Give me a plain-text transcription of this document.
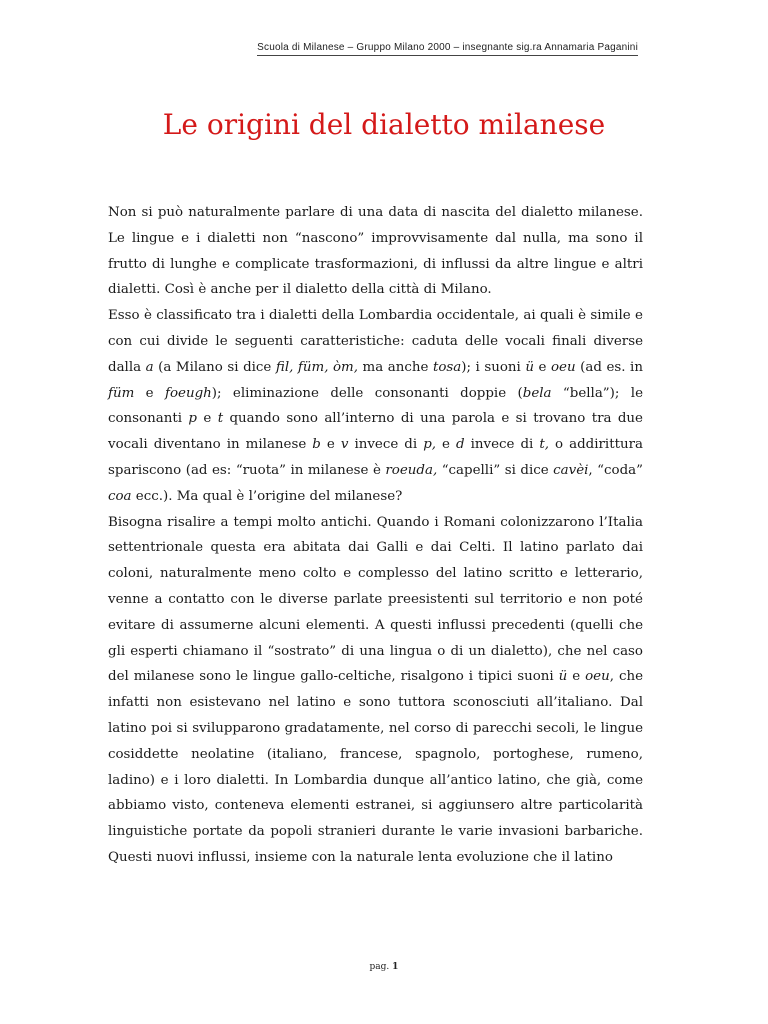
Scuola di Milanese – Gruppo Milano 2000 – insegnante sig.ra Annamaria Paganini
Le origini del dialetto milanese

Non si può naturalmente parlare di una data di nascita del dialetto milanese. Le lingue e i dialetti non “nascono” improvvisamente dal nulla, ma sono il frutto di lunghe e complicate trasformazioni, di influssi da altre lingue e altri dialetti. Così è anche per il dialetto della città di Milano.

Esso è classificato tra i dialetti della Lombardia occidentale, ai quali è simile e con cui divide le seguenti caratteristiche: caduta delle vocali finali diverse dalla a (a Milano si dice fil, füm, òm, ma anche tosa); i suoni ü e oeu (ad es. in füm e foeugh); eliminazione delle consonanti doppie (bela “bella”); le consonanti p e t quando sono all’interno di una parola e si trovano tra due vocali diventano in milanese b e v invece di p, e d invece di t, o addirittura spariscono (ad es: “ruota” in milanese è roeuda, “capelli” si dice cavèi, “coda” coa ecc.). Ma qual è l’origine del milanese?

Bisogna risalire a tempi molto antichi. Quando i Romani colonizzarono l’Italia settentrionale questa era abitata dai Galli e dai Celti. Il latino parlato dai coloni, naturalmente meno colto e complesso del latino scritto e letterario, venne a contatto con le diverse parlate preesistenti sul territorio e non poté evitare di assumerne alcuni elementi. A questi influssi precedenti (quelli che gli esperti chiamano il “sostrato” di una lingua o di un dialetto), che nel caso del milanese sono le lingue gallo-celtiche, risalgono i tipici suoni ü e oeu, che infatti non esistevano nel latino e sono tuttora sconosciuti all’italiano. Dal latino poi si svilupparono gradatamente, nel corso di parecchi secoli, le lingue cosiddette neolatine (italiano, francese, spagnolo, portoghese, rumeno, ladino) e i loro dialetti. In Lombardia dunque all’antico latino, che già, come abbiamo visto, conteneva elementi estranei, si aggiunsero altre particolarità linguistiche portate da popoli stranieri durante le varie invasioni barbariche. Questi nuovi influssi, insieme con la naturale lenta evoluzione che il latino

pag. 1
